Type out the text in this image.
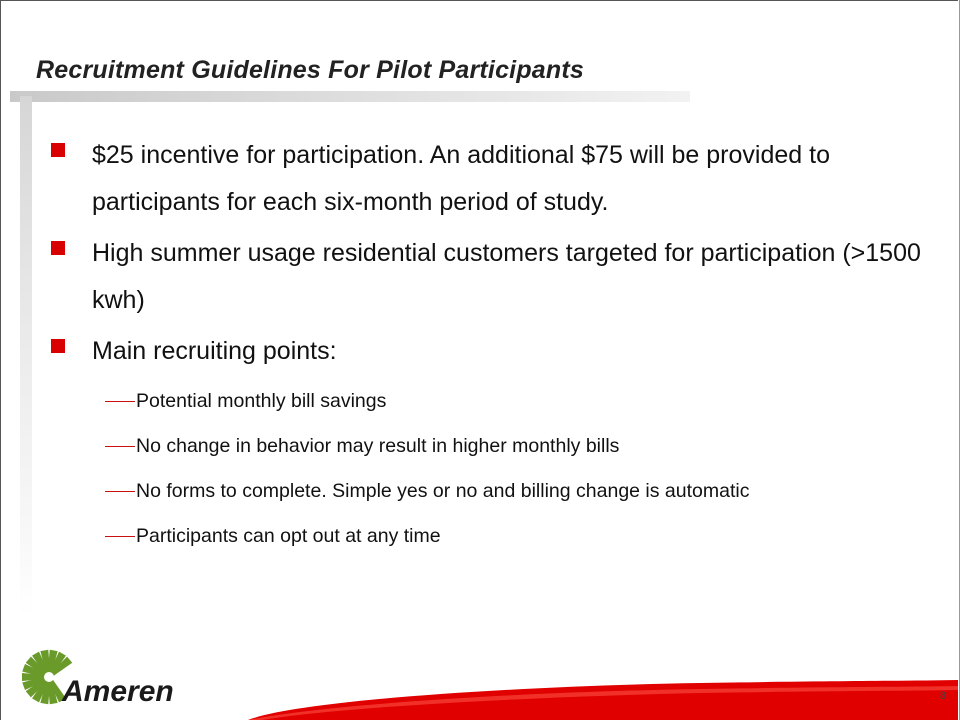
Recruitment Guidelines For Pilot Participants
$25 incentive for participation. An additional $75 will be provided to participants for each six-month period of study.
High summer usage residential customers targeted for participation (>1500 kwh)
Main recruiting points:
Potential monthly bill savings
No change in behavior may result in higher monthly bills
No forms to complete. Simple yes or no and billing change is automatic
Participants can opt out at any time
Ameren	8
